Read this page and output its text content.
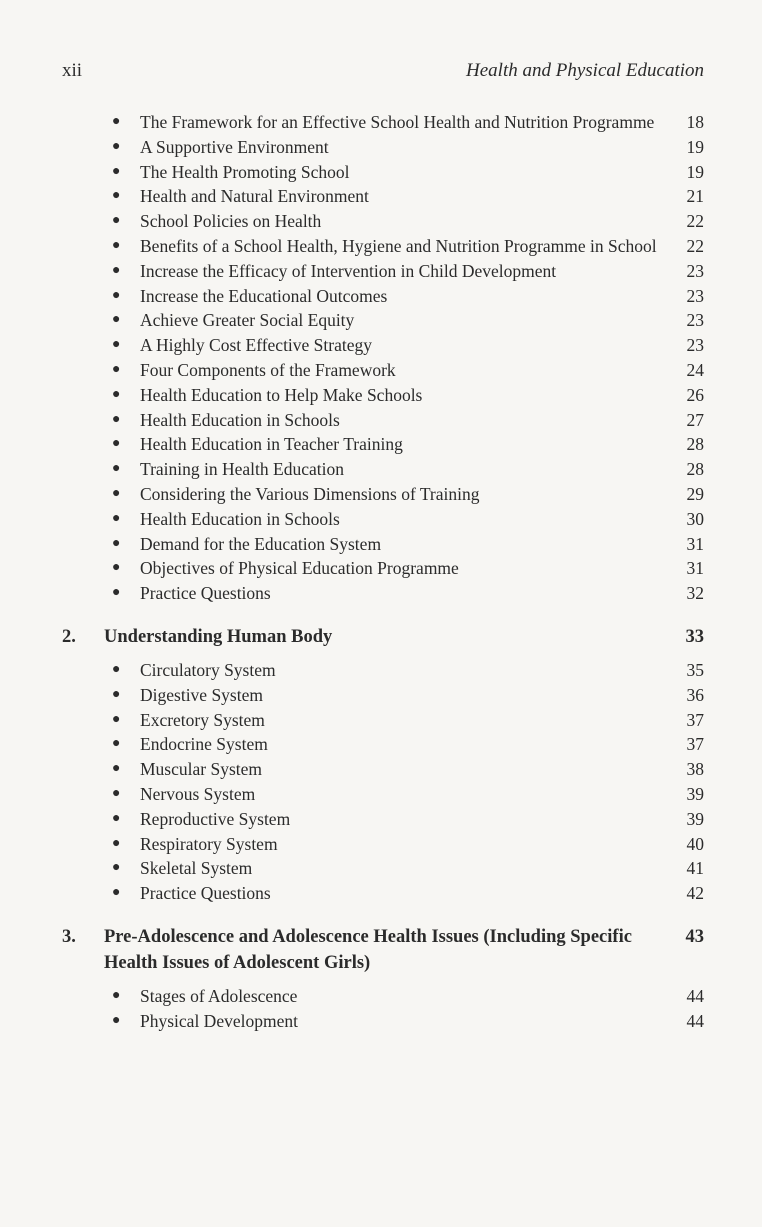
xii	Health and Physical Education
● The Framework for an Effective School Health and Nutrition Programme	18
● A Supportive Environment	19
● The Health Promoting School	19
● Health and Natural Environment	21
● School Policies on Health	22
● Benefits of a School Health, Hygiene and Nutrition Programme in School	22
● Increase the Efficacy of Intervention in Child Development	23
● Increase the Educational Outcomes	23
● Achieve Greater Social Equity	23
● A Highly Cost Effective Strategy	23
● Four Components of the Framework	24
● Health Education to Help Make Schools	26
● Health Education in Schools	27
● Health Education in Teacher Training	28
● Training in Health Education	28
● Considering the Various Dimensions of Training	29
● Health Education in Schools	30
● Demand for the Education System	31
● Objectives of Physical Education Programme	31
● Practice Questions	32
2. Understanding Human Body	33
● Circulatory System	35
● Digestive System	36
● Excretory System	37
● Endocrine System	37
● Muscular System	38
● Nervous System	39
● Reproductive System	39
● Respiratory System	40
● Skeletal System	41
● Practice Questions	42
3. Pre-Adolescence and Adolescence Health Issues (Including Specific Health Issues of Adolescent Girls)
43
● Stages of Adolescence	44
● Physical Development	44
